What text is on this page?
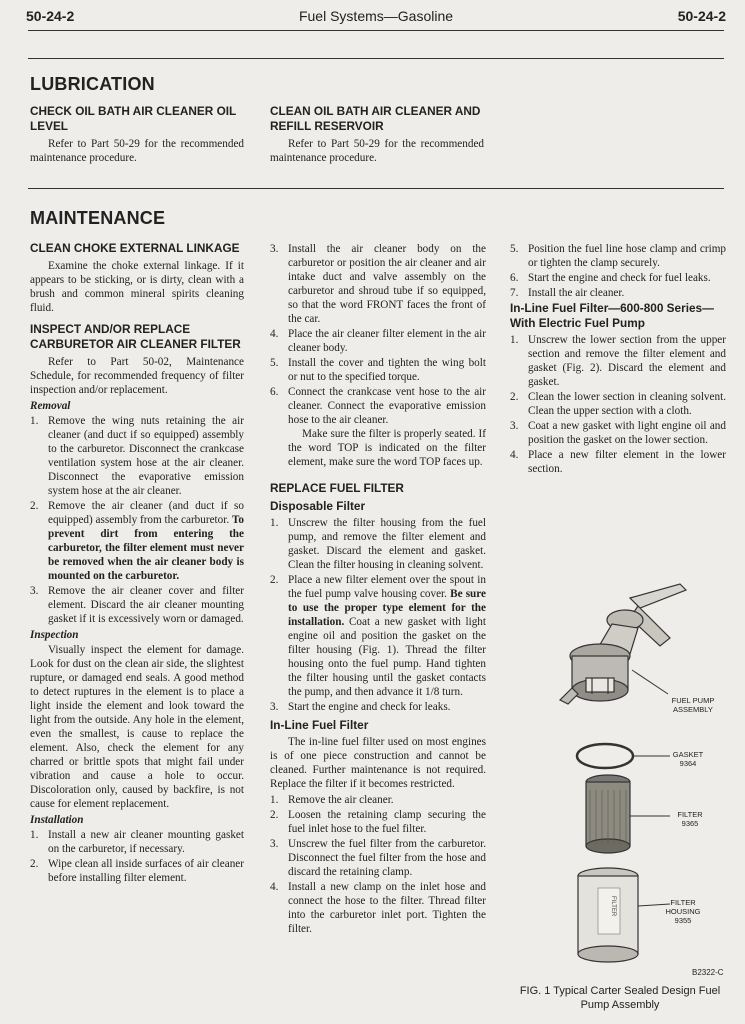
50-24-2	Fuel Systems—Gasoline	50-24-2
LUBRICATION
CHECK OIL BATH AIR CLEANER OIL LEVEL

Refer to Part 50-29 for the recommended maintenance procedure.

CLEAN OIL BATH AIR CLEANER AND REFILL RESERVOIR

Refer to Part 50-29 for the recommended maintenance procedure.

MAINTENANCE
CLEAN CHOKE EXTERNAL LINKAGE

Examine the choke external linkage. If it appears to be sticking, or is dirty, clean with a brush and common mineral spirits cleaning fluid.

INSPECT AND/OR REPLACE CARBURETOR AIR CLEANER FILTER

Refer to Part 50-02, Maintenance Schedule, for recommended frequency of filter inspection and/or replacement.

Removal
1. Remove the wing nuts retaining the air cleaner (and duct if so equipped) assembly to the carburetor. Disconnect the crankcase ventilation system hose at the air cleaner. Disconnect the evaporative emission system hose at the air cleaner.
2. Remove the air cleaner (and duct if so equipped) assembly from the carburetor. To prevent dirt from entering the carburetor, the filter element must never be removed when the air cleaner body is mounted on the carburetor.
3. Remove the air cleaner cover and filter element. Discard the air cleaner mounting gasket if it is excessively worn or damaged.
Inspection

Visually inspect the element for damage. Look for dust on the clean air side, the slightest rupture, or damaged end seals. A good method to detect ruptures in the element is to place a light inside the element and look toward the light from the outside. Any hole in the element, even the smallest, is cause to replace the element. Also, check the element for any charred or brittle spots that might fail under vibration and cause a hole to occur. Discoloration only, caused by backfire, is not cause for element replacement.

Installation
1. Install a new air cleaner mounting gasket on the carburetor, if necessary.
2. Wipe clean all inside surfaces of air cleaner before installing filter element.
3. Install the air cleaner body on the carburetor or position the air cleaner and air intake duct and valve assembly on the carburetor and shroud tube if so equipped, so that the word FRONT faces the front of the car.
4. Place the air cleaner filter element in the air cleaner body.
5. Install the cover and tighten the wing bolt or nut to the specified torque.
6. Connect the crankcase vent hose to the air cleaner. Connect the evaporative emission hose to the air cleaner.

Make sure the filter is properly seated. If the word TOP is indicated on the filter element, make sure the word TOP faces up.

REPLACE FUEL FILTER
Disposable Filter
1. Unscrew the filter housing from the fuel pump, and remove the filter element and gasket. Discard the element and gasket. Clean the filter housing in cleaning solvent.
2. Place a new filter element over the spout in the fuel pump valve housing cover. Be sure to use the proper type element for the installation. Coat a new gasket with light engine oil and position the gasket on the filter housing (Fig. 1). Thread the filter housing onto the fuel pump. Hand tighten the filter housing until the gasket contacts the pump, and then advance it 1/8 turn.
3. Start the engine and check for leaks.
In-Line Fuel Filter

The in-line fuel filter used on most engines is of one piece construction and cannot be cleaned. Further maintenance is not required. Replace the filter if it becomes restricted.

1. Remove the air cleaner.
2. Loosen the retaining clamp securing the fuel inlet hose to the fuel filter.
3. Unscrew the fuel filter from the carburetor. Disconnect the fuel filter from the hose and discard the retaining clamp.
4. Install a new clamp on the inlet hose and connect the hose to the filter. Thread filter into the carburetor inlet port. Tighten the filter.
5. Position the fuel line hose clamp and crimp or tighten the clamp securely.
6. Start the engine and check for fuel leaks.
7. Install the air cleaner.
In-Line Fuel Filter—600-800 Series—With Electric Fuel Pump
1. Unscrew the lower section from the upper section and remove the filter element and gasket (Fig. 2). Discard the element and gasket.
2. Clean the lower section in cleaning solvent. Clean the upper section with a cloth.
3. Coat a new gasket with light engine oil and position the gasket on the lower section.
4. Place a new filter element in the lower section.
FILTER
FUEL PUMP ASSEMBLY
GASKET
9364
FILTER
9365
FILTER HOUSING
9355
B2322-C
FIG. 1 Typical Carter Sealed Design Fuel Pump Assembly
